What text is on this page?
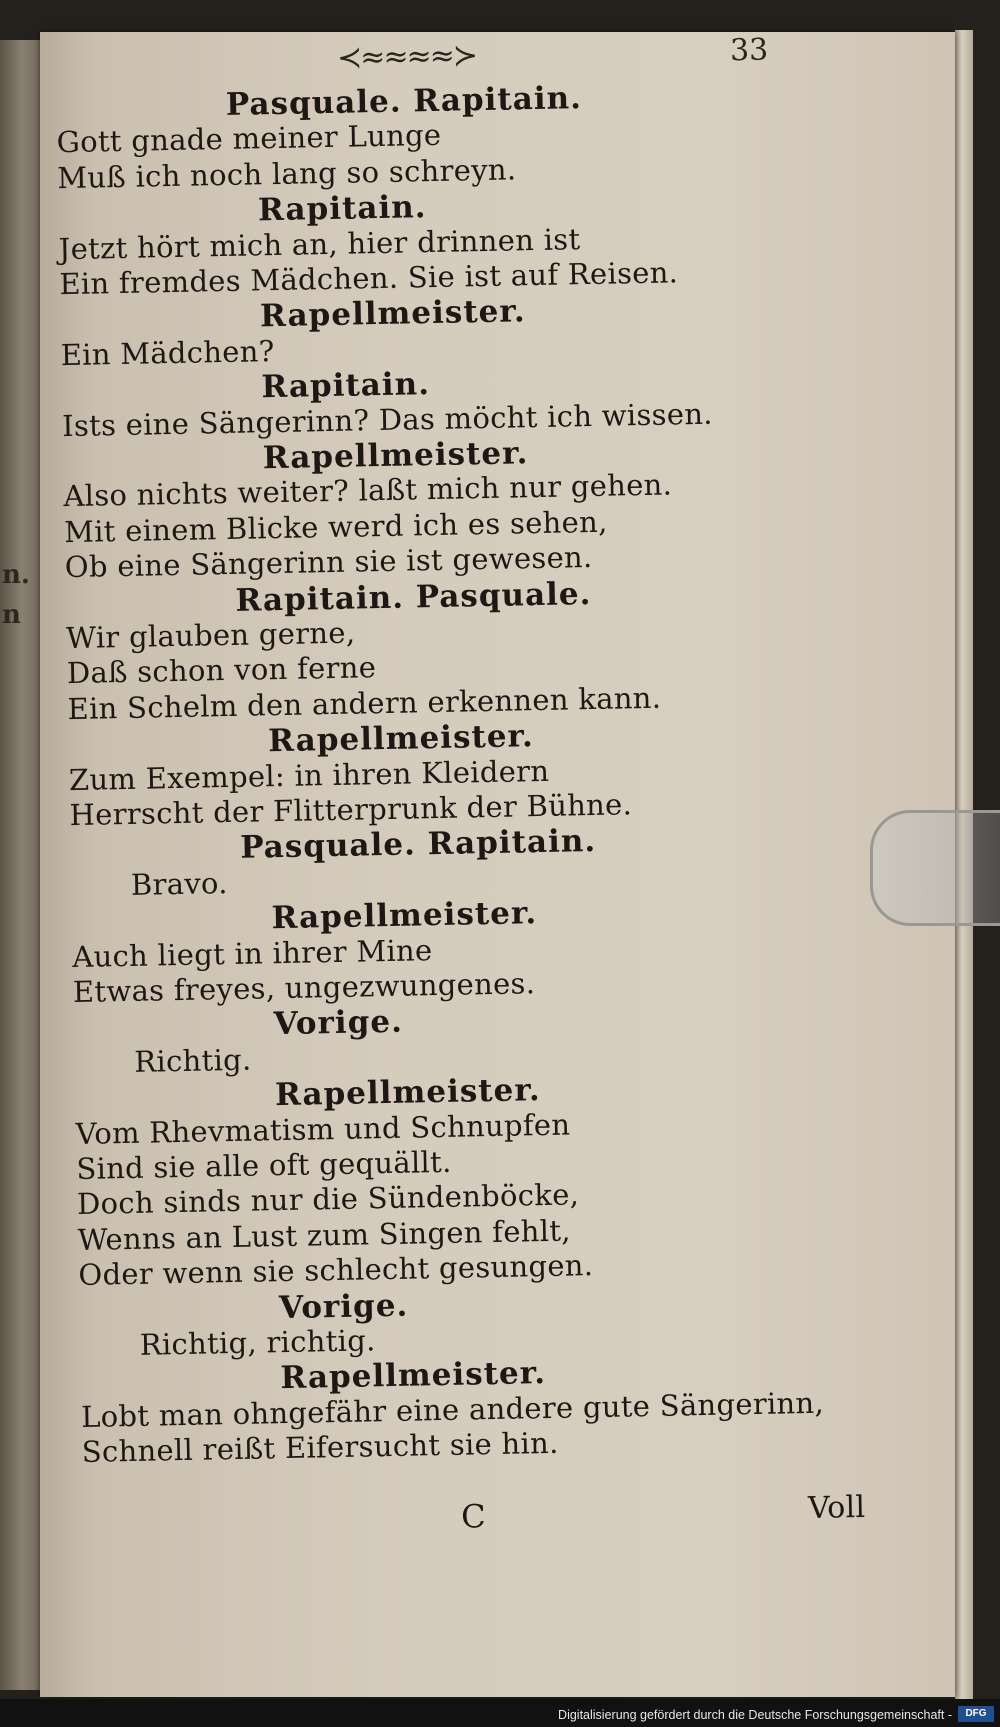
n.
n
≺≈≈≈≈≻	33
Pasquale. Rapitain.
Gott gnade meiner Lunge
Muß ich noch lang so schreyn.
Rapitain.
Jetzt hört mich an, hier drinnen ist
Ein fremdes Mädchen. Sie ist auf Reisen.
Rapellmeister.
Ein Mädchen?
Rapitain.
Ists eine Sängerinn? Das möcht ich wissen.
Rapellmeister.
Also nichts weiter? laßt mich nur gehen.
Mit einem Blicke werd ich es sehen,
Ob eine Sängerinn sie ist gewesen.
Rapitain. Pasquale.
Wir glauben gerne,
Daß schon von ferne
Ein Schelm den andern erkennen kann.
Rapellmeister.
Zum Exempel: in ihren Kleidern
Herrscht der Flitterprunk der Bühne.
Pasquale. Rapitain.
Bravo.
Rapellmeister.
Auch liegt in ihrer Mine
Etwas freyes, ungezwungenes.
Vorige.
Richtig.
Rapellmeister.
Vom Rhevmatism und Schnupfen
Sind sie alle oft gequällt.
Doch sinds nur die Sündenböcke,
Wenns an Lust zum Singen fehlt,
Oder wenn sie schlecht gesungen.
Vorige.
Richtig, richtig.
Rapellmeister.
Lobt man ohngefähr eine andere gute Sängerinn,
Schnell reißt Eifersucht sie hin.
C	Voll
Digitalisierung gefördert durch die Deutsche Forschungsgemeinschaft -	DFG
